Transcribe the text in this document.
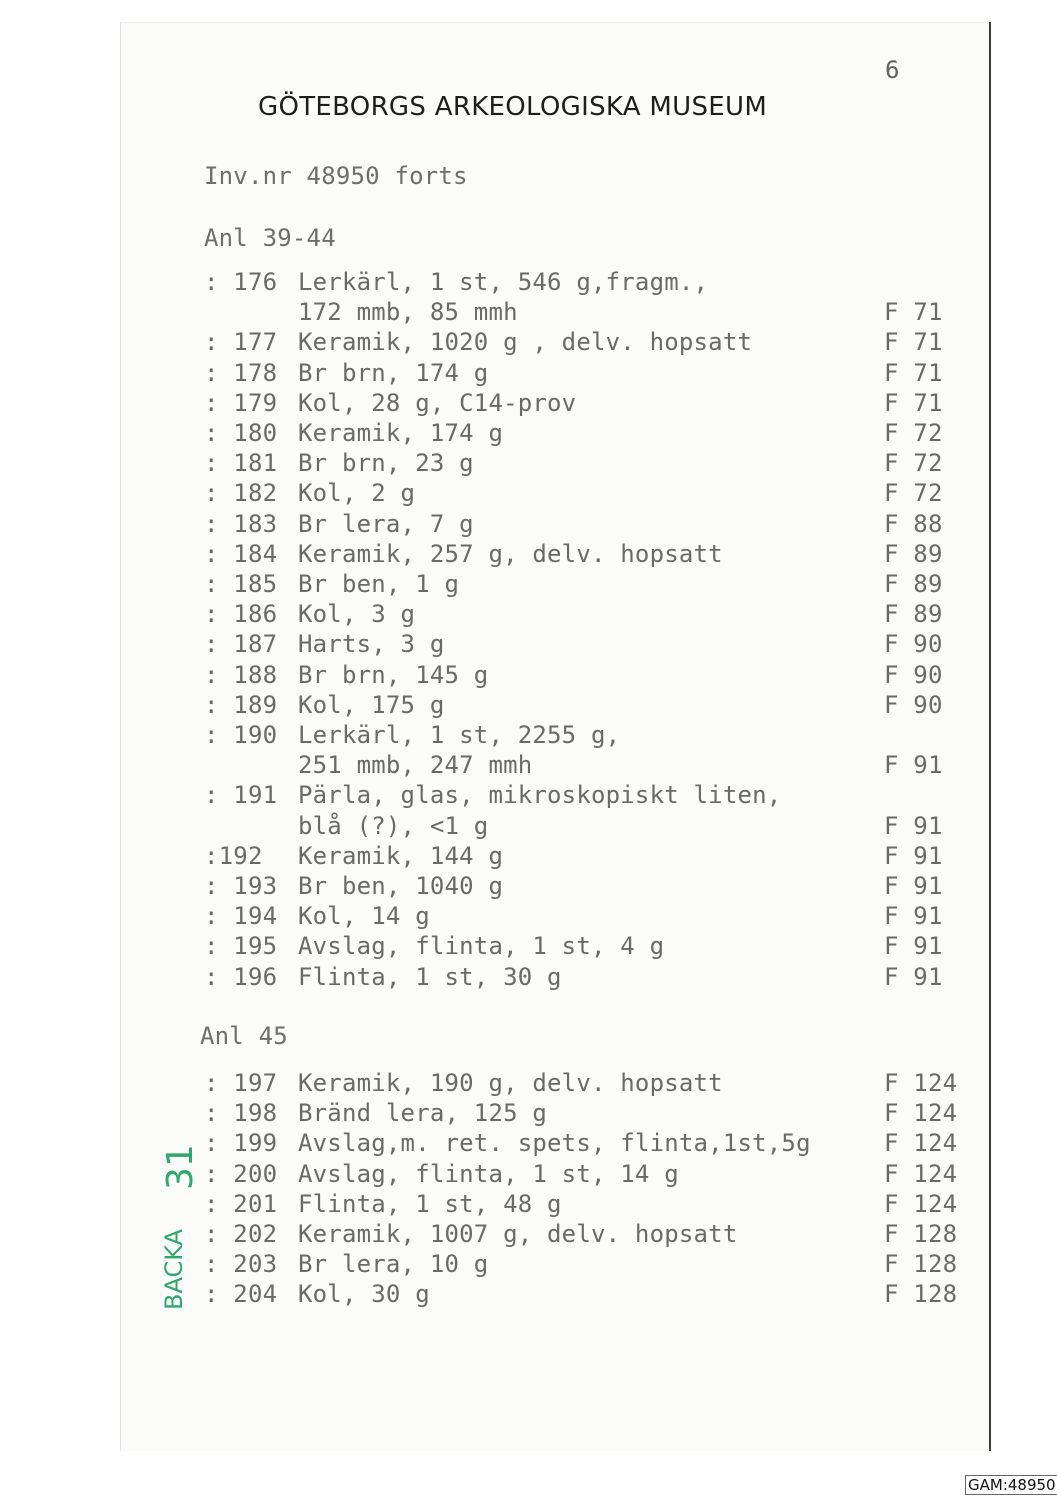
6
GÖTEBORGS ARKEOLOGISKA MUSEUM
Inv.nr 48950 forts
Anl 39-44
: 176 Lerkärl, 1 st, 546 g,fragm.,
172 mmb, 85 mmh	F 71
: 177 Keramik, 1020 g , delv. hopsatt	F 71
: 178 Br brn, 174 g	F 71
: 179 Kol, 28 g, C14-prov	F 71
: 180 Keramik, 174 g	F 72
: 181 Br brn, 23 g	F 72
: 182 Kol, 2 g	F 72
: 183 Br lera, 7 g	F 88
: 184 Keramik, 257 g, delv. hopsatt	F 89
: 185 Br ben, 1 g	F 89
: 186 Kol, 3 g	F 89
: 187 Harts, 3 g	F 90
: 188 Br brn, 145 g	F 90
: 189 Kol, 175 g	F 90
: 190 Lerkärl, 1 st, 2255 g,
251 mmb, 247 mmh	F 91
: 191 Pärla, glas, mikroskopiskt liten,
blå (?), <1 g	F 91
:192 Keramik, 144 g	F 91
: 193 Br ben, 1040 g	F 91
: 194 Kol, 14 g	F 91
: 195 Avslag, flinta, 1 st, 4 g	F 91
: 196 Flinta, 1 st, 30 g	F 91
Anl 45
: 197 Keramik, 190 g, delv. hopsatt	F 124
: 198 Bränd lera, 125 g	F 124
: 199 Avslag,m. ret. spets, flinta,1st,5g	F 124
: 200 Avslag, flinta, 1 st, 14 g	F 124
: 201 Flinta, 1 st, 48 g	F 124
: 202 Keramik, 1007 g, delv. hopsatt	F 128
: 203 Br lera, 10 g	F 128
: 204 Kol, 30 g	F 128
BACKA
31
GAM:48950
